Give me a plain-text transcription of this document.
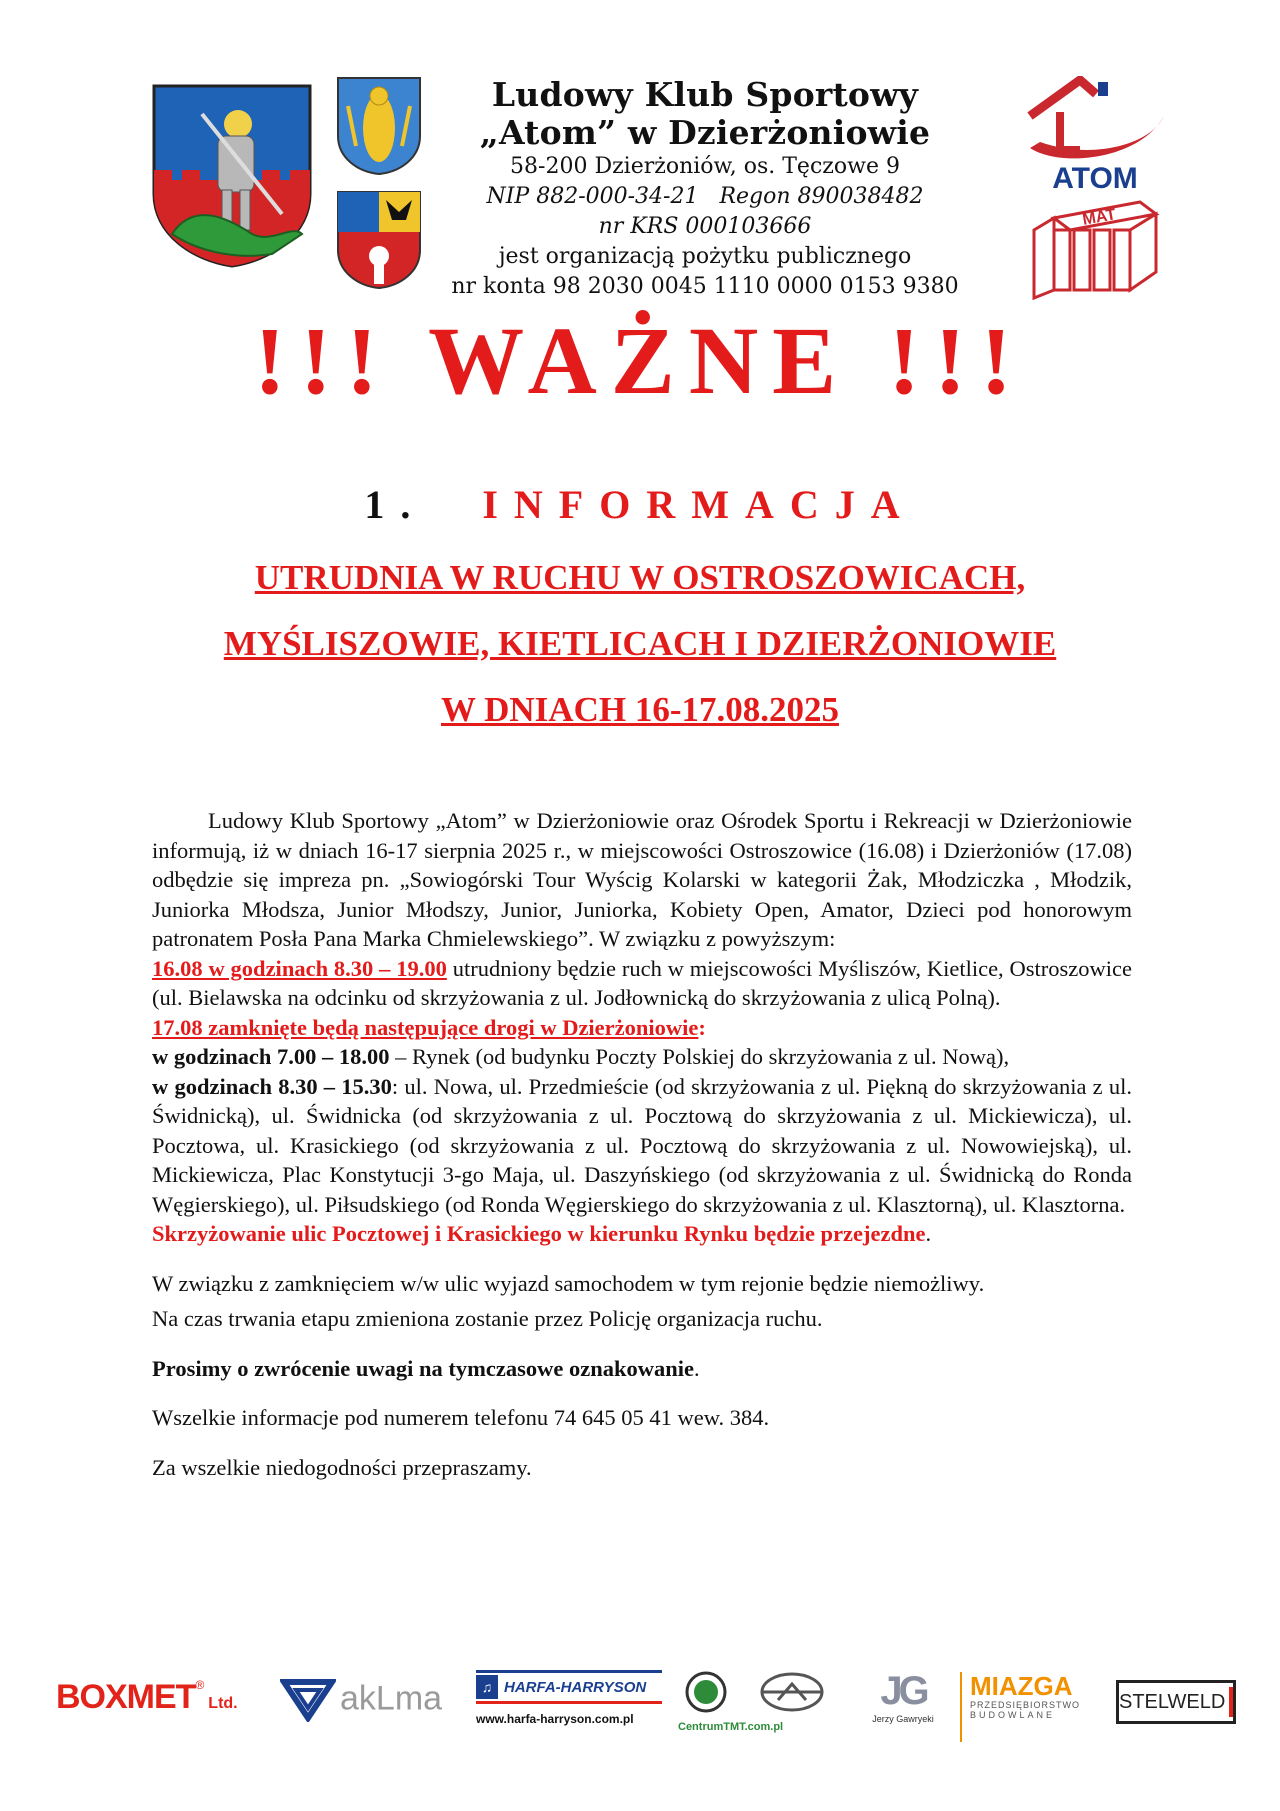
Ludowy Klub Sportowy
„Atom” w Dzierżoniowie
58-200 Dzierżoniów, os. Tęczowe 9
NIP 882-000-34-21   Regon 890038482
nr KRS 000103666
jest organizacją pożytku publicznego
nr konta 98 2030 0045 1110 0000 0153 9380
ATOM
MAT
!!! WAŻNE !!!
1. INFORMACJA
UTRUDNIA W RUCHU W OSTROSZOWICACH,
MYŚLISZOWIE, KIETLICACH I DZIERŻONIOWIE
W DNIACH 16-17.08.2025

Ludowy Klub Sportowy „Atom” w Dzierżoniowie oraz Ośrodek Sportu i Rekreacji w Dzierżoniowie informują, iż w dniach 16-17 sierpnia 2025 r., w miejscowości Ostroszowice (16.08) i Dzierżoniów (17.08) odbędzie się impreza pn. „Sowiogórski Tour Wyścig Kolarski w kategorii Żak, Młodziczka , Młodzik, Juniorka Młodsza, Junior Młodszy, Junior, Juniorka, Kobiety Open, Amator, Dzieci pod honorowym patronatem Posła Pana Marka Chmielewskiego”. W związku z powyższym:

16.08 w godzinach 8.30 – 19.00 utrudniony będzie ruch w miejscowości Myśliszów, Kietlice, Ostroszowice (ul. Bielawska na odcinku od skrzyżowania z ul. Jodłownicką do skrzyżowania z ulicą Polną).

17.08 zamknięte będą następujące drogi w Dzierżoniowie:

w godzinach 7.00 – 18.00 – Rynek (od budynku Poczty Polskiej do skrzyżowania z ul. Nową),

w godzinach 8.30 – 15.30: ul. Nowa, ul. Przedmieście (od skrzyżowania z ul. Piękną do skrzyżowania z ul. Świdnicką), ul. Świdnicka (od skrzyżowania z ul. Pocztową do skrzyżowania z ul. Mickiewicza), ul. Pocztowa, ul. Krasickiego (od skrzyżowania z ul. Pocztową do skrzyżowania z ul. Nowowiejską), ul. Mickiewicza, Plac Konstytucji 3-go Maja, ul. Daszyńskiego (od skrzyżowania z ul. Świdnicką do Ronda Węgierskiego), ul. Piłsudskiego (od Ronda Węgierskiego do skrzyżowania z ul. Klasztorną), ul. Klasztorna.

Skrzyżowanie ulic Pocztowej i Krasickiego w kierunku Rynku będzie przejezdne.

W związku z zamknięciem w/w ulic wyjazd samochodem w tym rejonie będzie niemożliwy.

Na czas trwania etapu zmieniona zostanie przez Policję organizacja ruchu.

Prosimy o zwrócenie uwagi na tymczasowe oznakowanie.

Wszelkie informacje pod numerem telefonu 74 645 05 41 wew. 384.

Za wszelkie niedogodności przepraszamy.

BOXMET® Ltd.	akLma	♫ HARFA-HARRYSON
www.harfa-harryson.com.pl
CentrumTMT.com.pl
JG
Jerzy Gawryeki
MIAZGA
PRZEDSIĘBIORSTWO
BUDOWLANE
STELWELD
